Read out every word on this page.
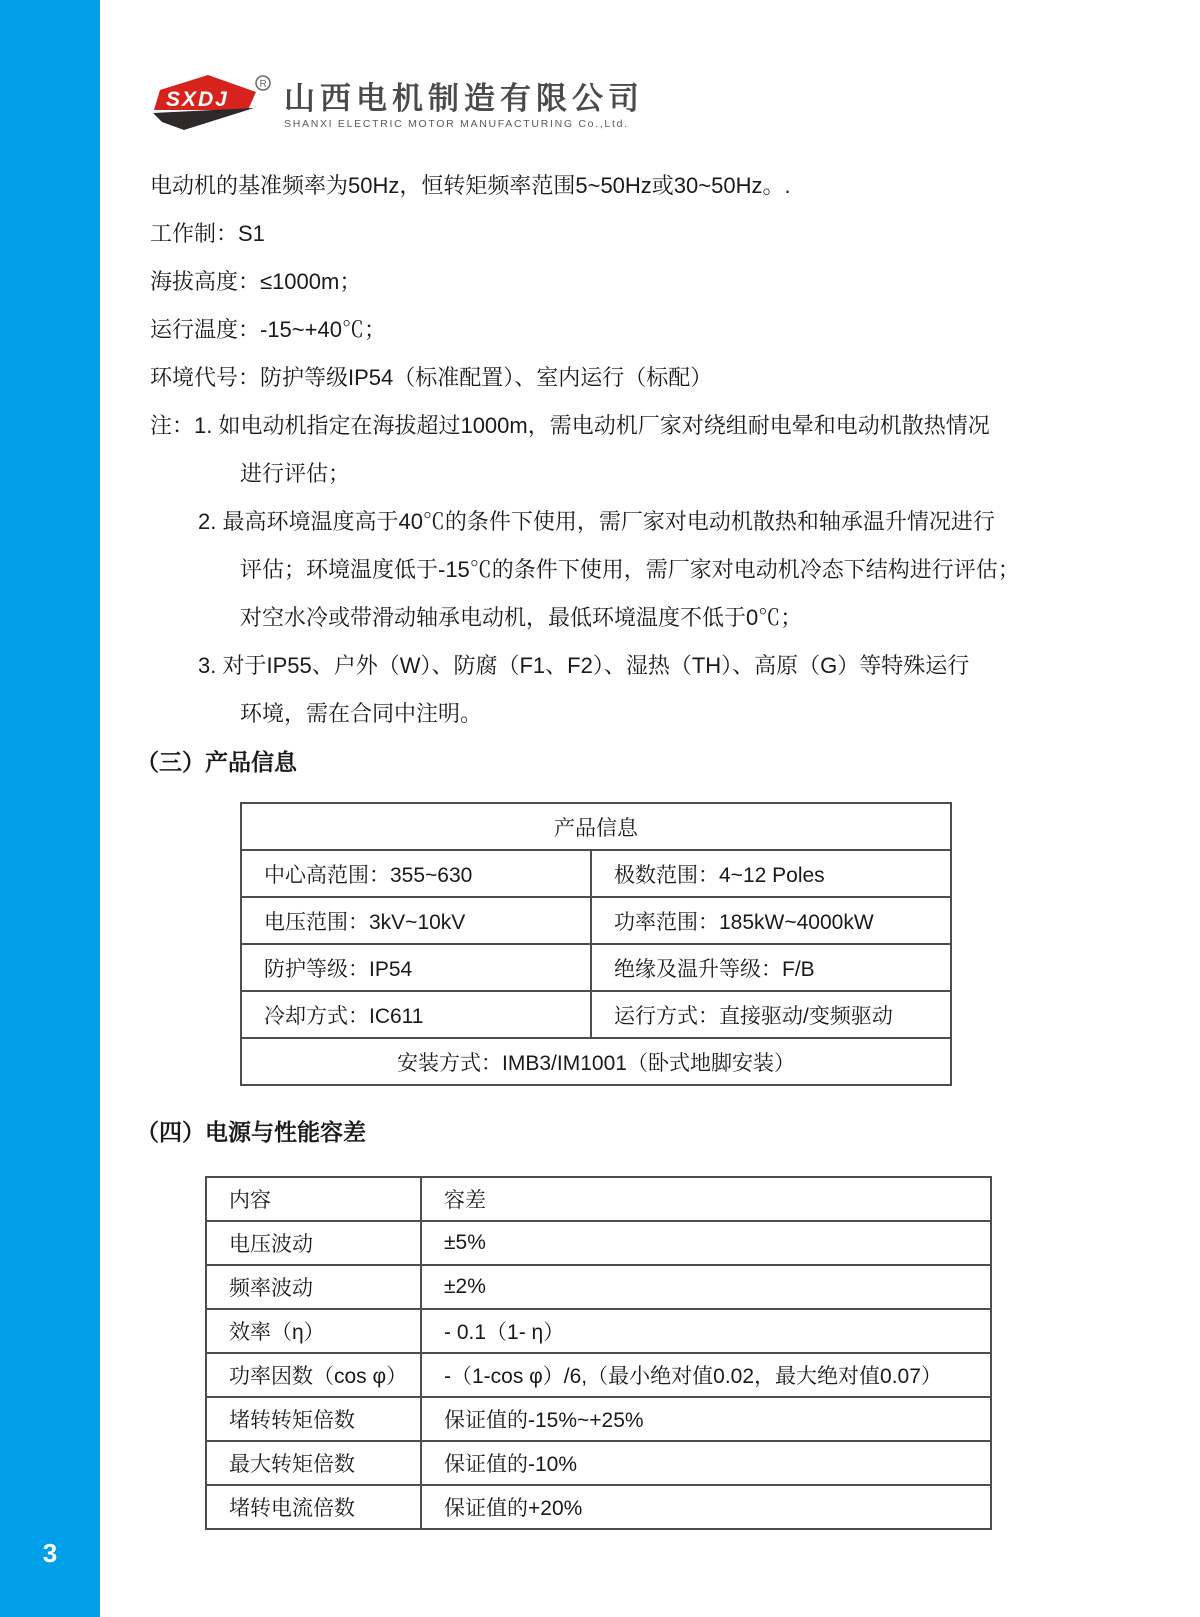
3
SXDJ
R 山西电机制造有限公司
SHANXI ELECTRIC MOTOR MANUFACTURING Co.,Ltd.
电动机的基准频率为50Hz，恒转矩频率范围5~50Hz或30~50Hz。.
工作制：S1
海拔高度：≤1000m；
运行温度：-15~+40℃；
环境代号：防护等级IP54（标准配置）、室内运行（标配）
注：1. 如电动机指定在海拔超过1000m，需电动机厂家对绕组耐电晕和电动机散热情况
进行评估；
2. 最高环境温度高于40℃的条件下使用，需厂家对电动机散热和轴承温升情况进行
评估；环境温度低于-15℃的条件下使用，需厂家对电动机冷态下结构进行评估；
对空水冷或带滑动轴承电动机，最低环境温度不低于0℃；
3. 对于IP55、户外（W）、防腐（F1、F2）、湿热（TH）、高原（G）等特殊运行
环境，需在合同中注明。
（三）产品信息
产品信息	
中心高范围：355~630	极数范围：4~12 Poles
电压范围：3kV~10kV	功率范围：185kW~4000kW
防护等级：IP54	绝缘及温升等级：F/B
冷却方式：IC611	运行方式：直接驱动/变频驱动
安装方式：IMB3/IM1001（卧式地脚安装）	
（四）电源与性能容差
内容	容差
电压波动	±5%
频率波动	±2%
效率（η）	- 0.1（1- η）
功率因数（cos φ）	-（1-cos φ）/6,（最小绝对值0.02，最大绝对值0.07）
堵转转矩倍数	保证值的-15%~+25%
最大转矩倍数	保证值的-10%
堵转电流倍数	保证值的+20%
